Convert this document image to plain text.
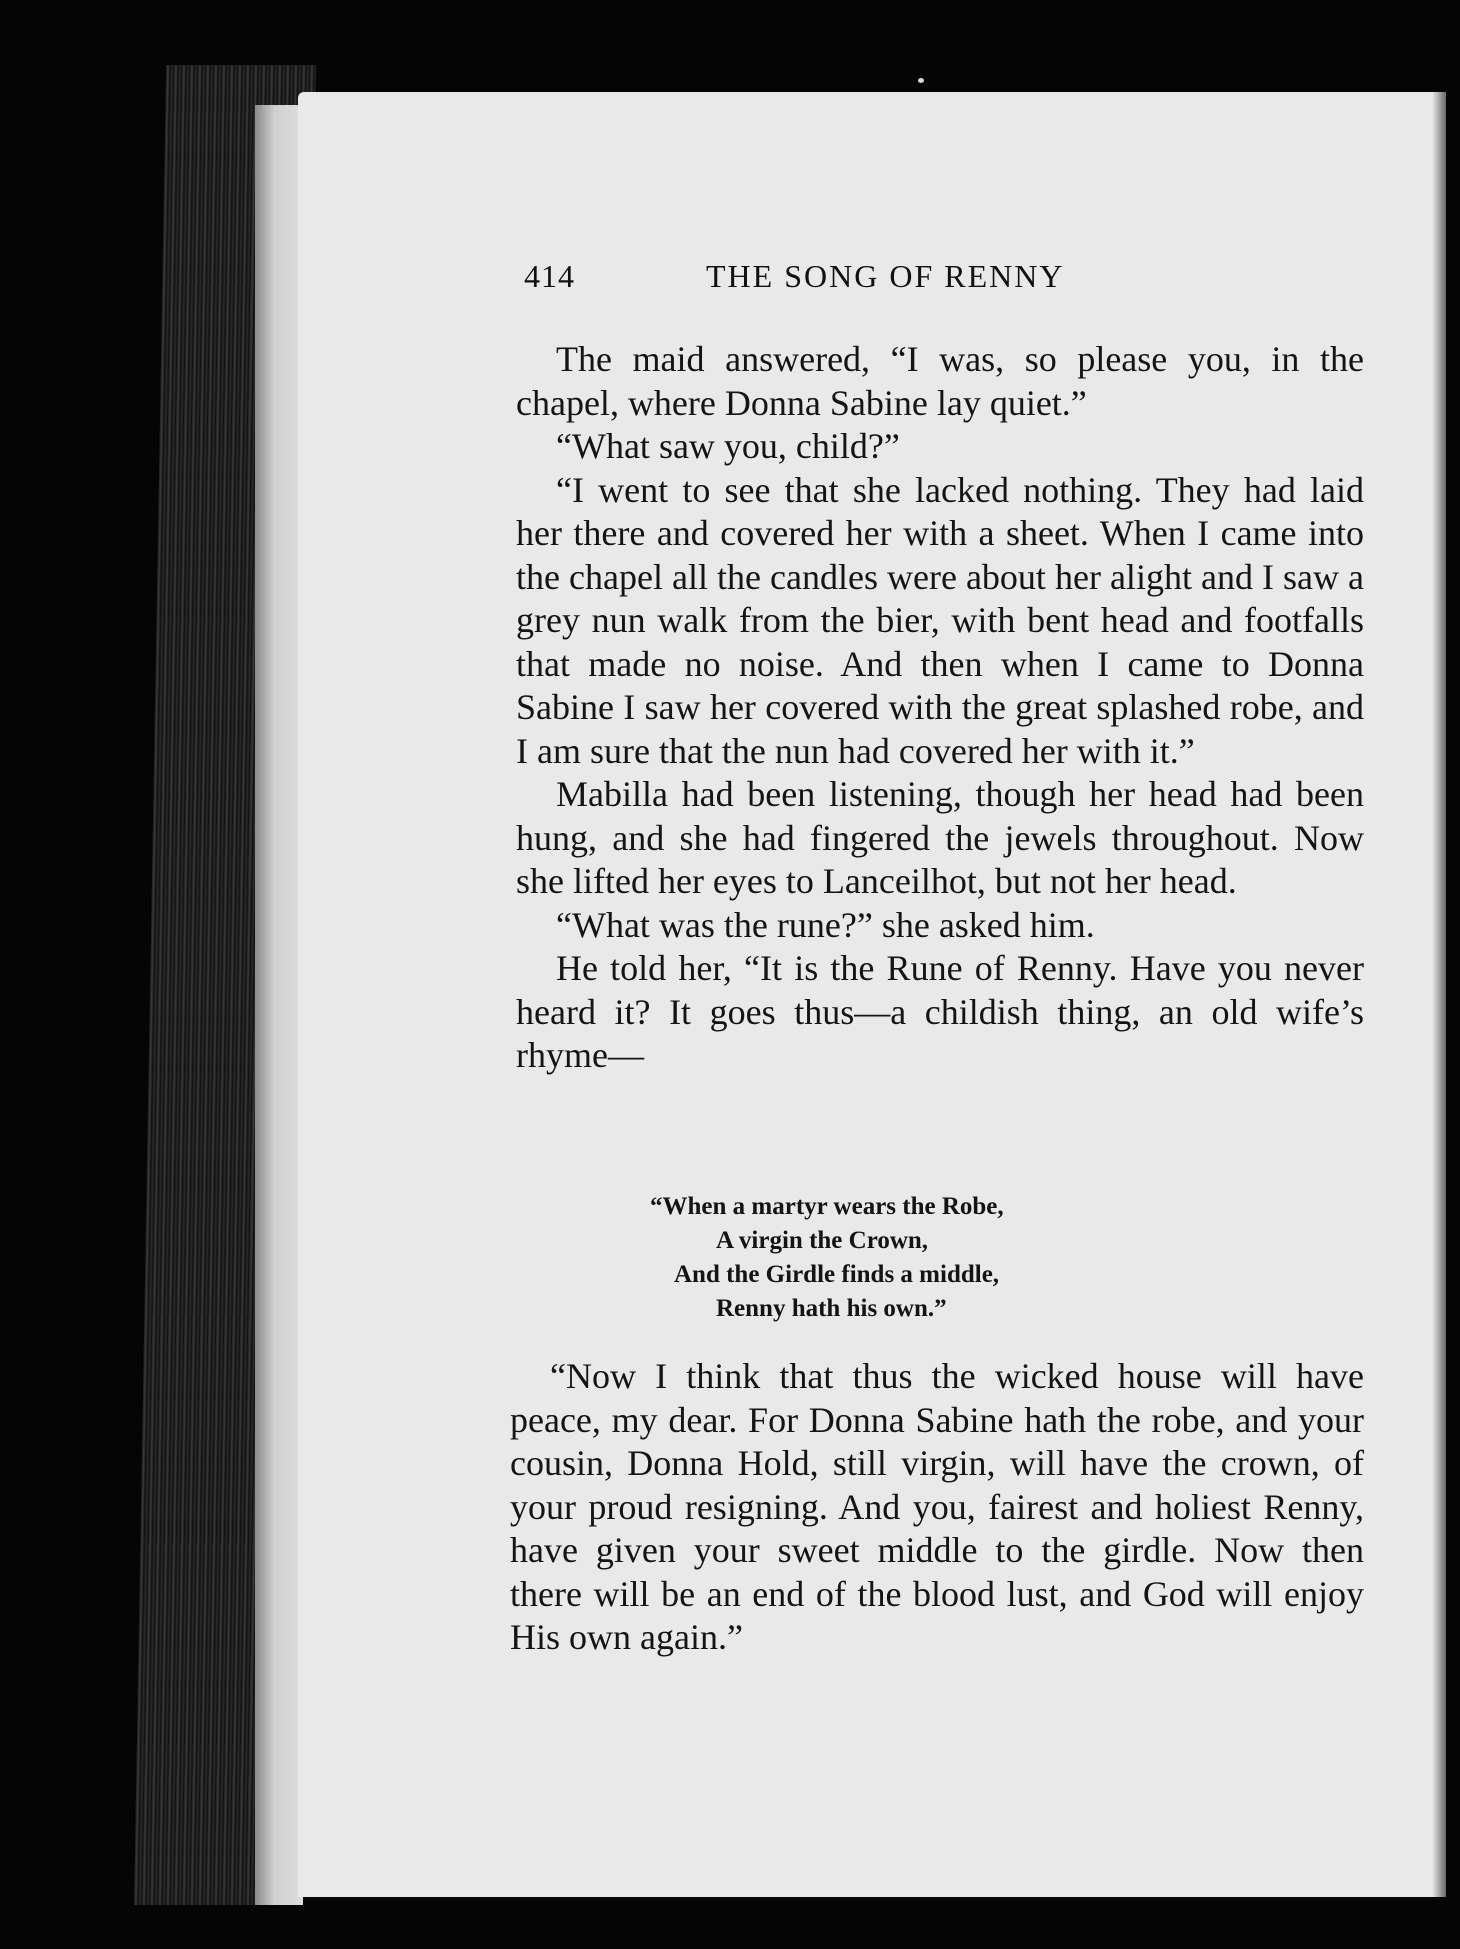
414	THE SONG OF RENNY

The maid answered, “I was, so please you, in the chapel, where Donna Sabine lay quiet.”

“What saw you, child?”

“I went to see that she lacked nothing. They had laid her there and covered her with a sheet. When I came into the chapel all the candles were about her alight and I saw a grey nun walk from the bier, with bent head and footfalls that made no noise. And then when I came to Donna Sabine I saw her covered with the great splashed robe, and I am sure that the nun had covered her with it.”

Mabilla had been listening, though her head had been hung, and she had fingered the jewels throughout. Now she lifted her eyes to Lanceilhot, but not her head.

“What was the rune?” she asked him.

He told her, “It is the Rune of Renny. Have you never heard it? It goes thus—a childish thing, an old wife’s rhyme—

“When a martyr wears the Robe,
A virgin the Crown,
And the Girdle finds a middle,
Renny hath his own.”

“Now I think that thus the wicked house will have peace, my dear. For Donna Sabine hath the robe, and your cousin, Donna Hold, still virgin, will have the crown, of your proud resigning. And you, fairest and holiest Renny, have given your sweet middle to the girdle. Now then there will be an end of the blood lust, and God will enjoy His own again.”
